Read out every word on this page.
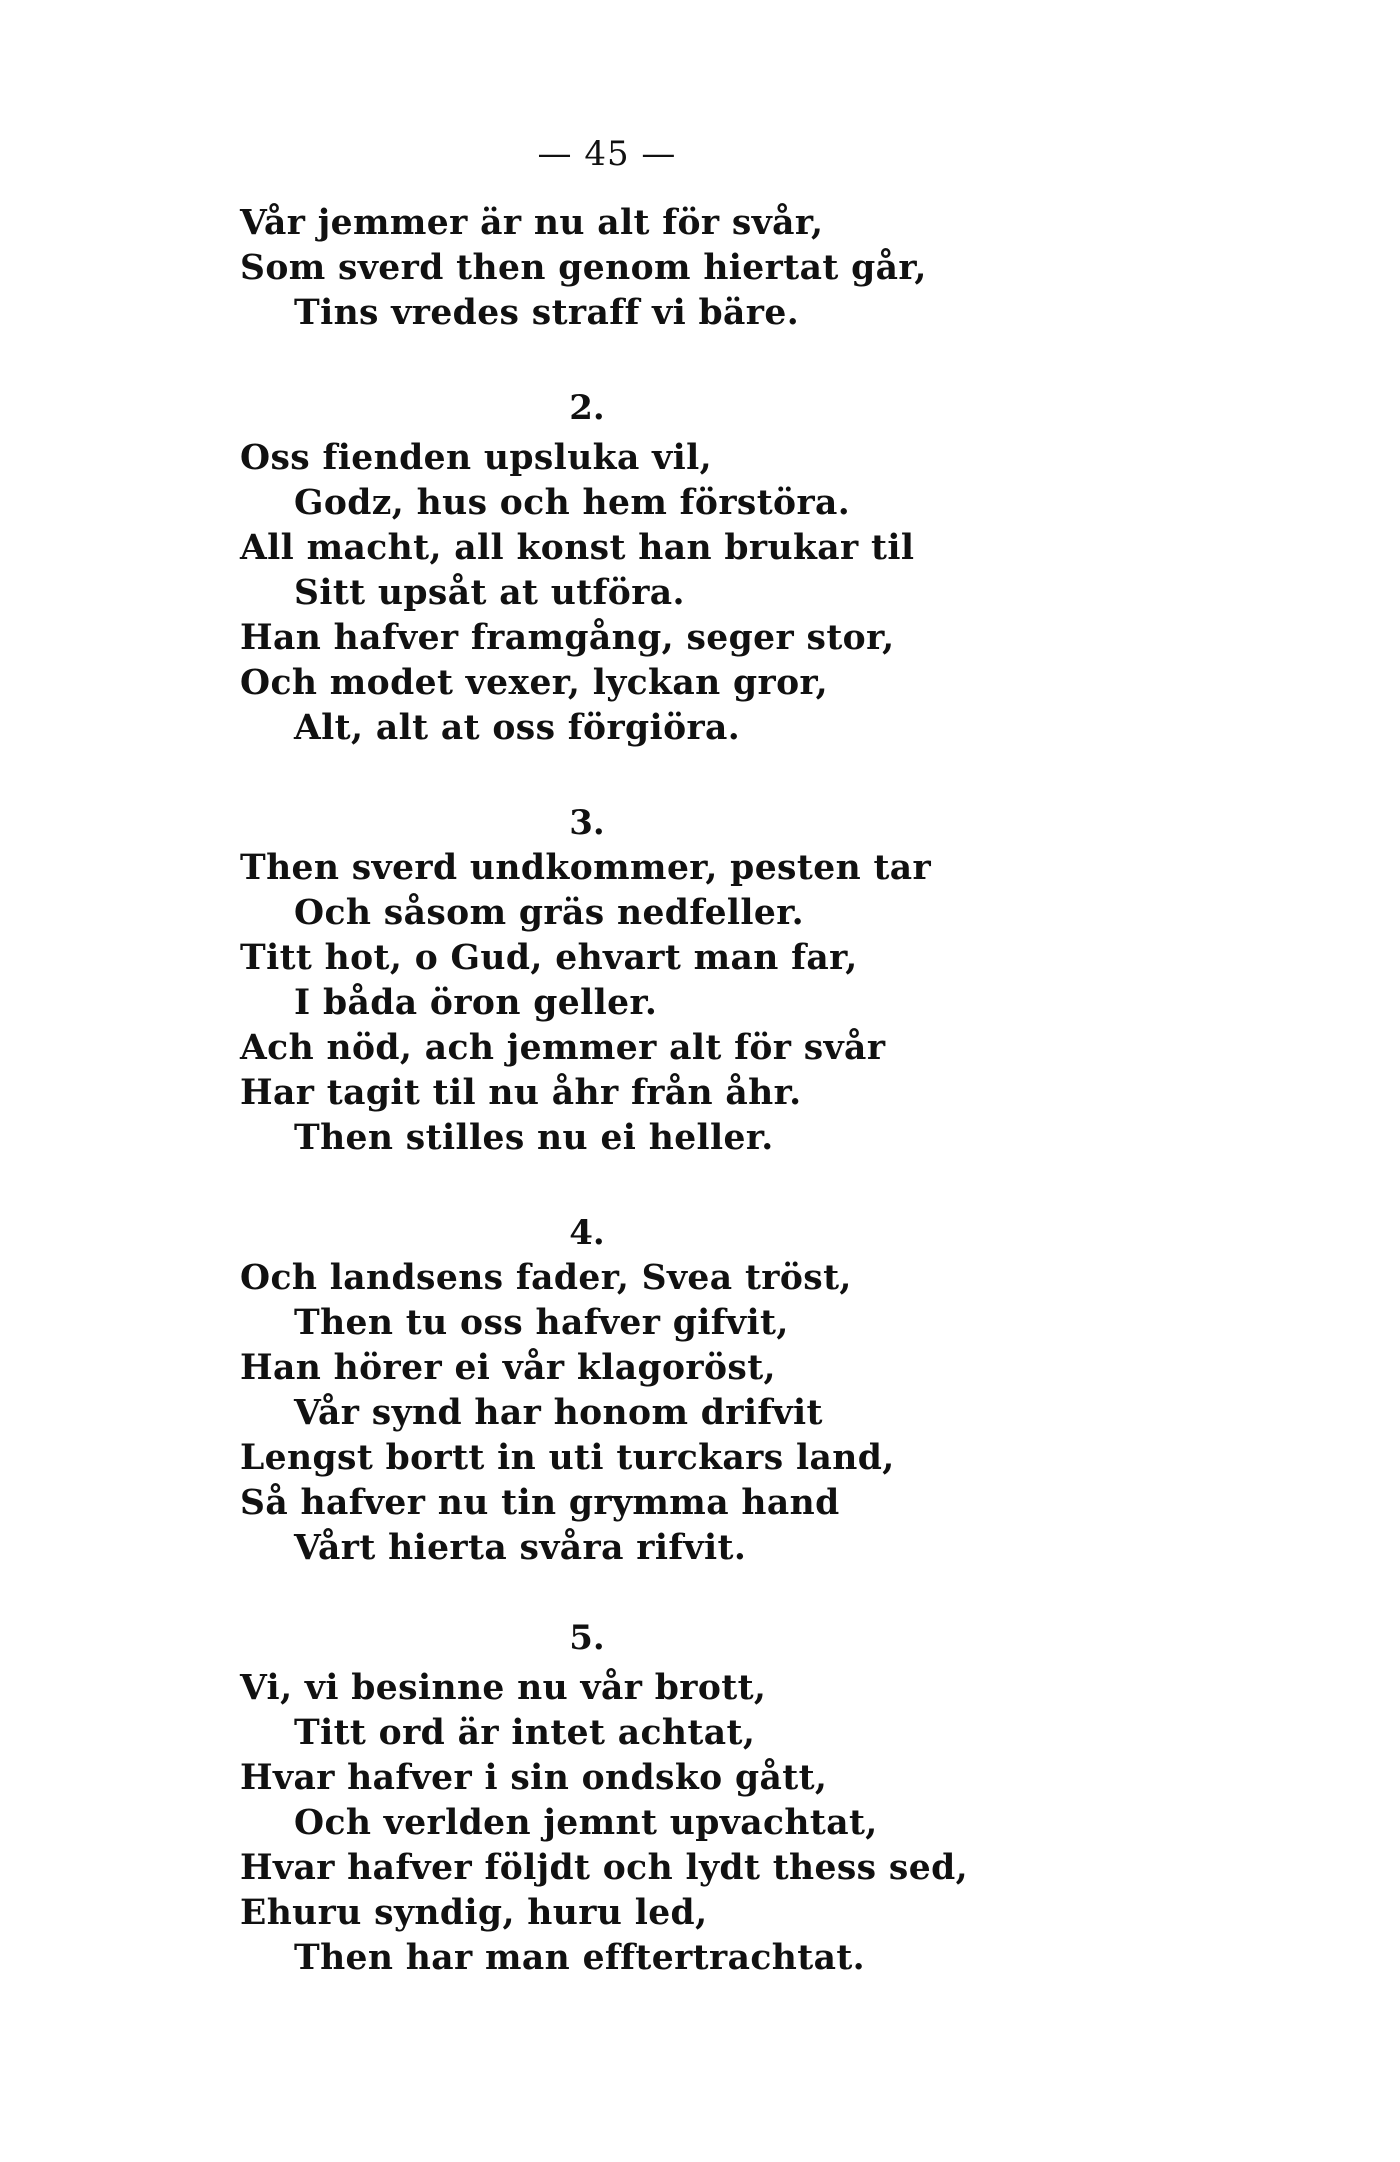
— 45 —
Vår jemmer är nu alt för svår,
Som sverd then genom hiertat går,
Tins vredes straff vi bäre.
2.
Oss fienden upsluka vil,
Godz, hus och hem förstöra.
All macht, all konst han brukar til
Sitt upsåt at utföra.
Han hafver framgång, seger stor,
Och modet vexer, lyckan gror,
Alt, alt at oss förgiöra.
3.
Then sverd undkommer, pesten tar
Och såsom gräs nedfeller.
Titt hot, o Gud, ehvart man far,
I båda öron geller.
Ach nöd, ach jemmer alt för svår
Har tagit til nu åhr från åhr.
Then stilles nu ei heller.
4.
Och landsens fader, Svea tröst,
Then tu oss hafver gifvit,
Han hörer ei vår klagoröst,
Vår synd har honom drifvit
Lengst bortt in uti turckars land,
Så hafver nu tin grymma hand
Vårt hierta svåra rifvit.
5.
Vi, vi besinne nu vår brott,
Titt ord är intet achtat,
Hvar hafver i sin ondsko gått,
Och verlden jemnt upvachtat,
Hvar hafver följdt och lydt thess sed,
Ehuru syndig, huru led,
Then har man efftertrachtat.
